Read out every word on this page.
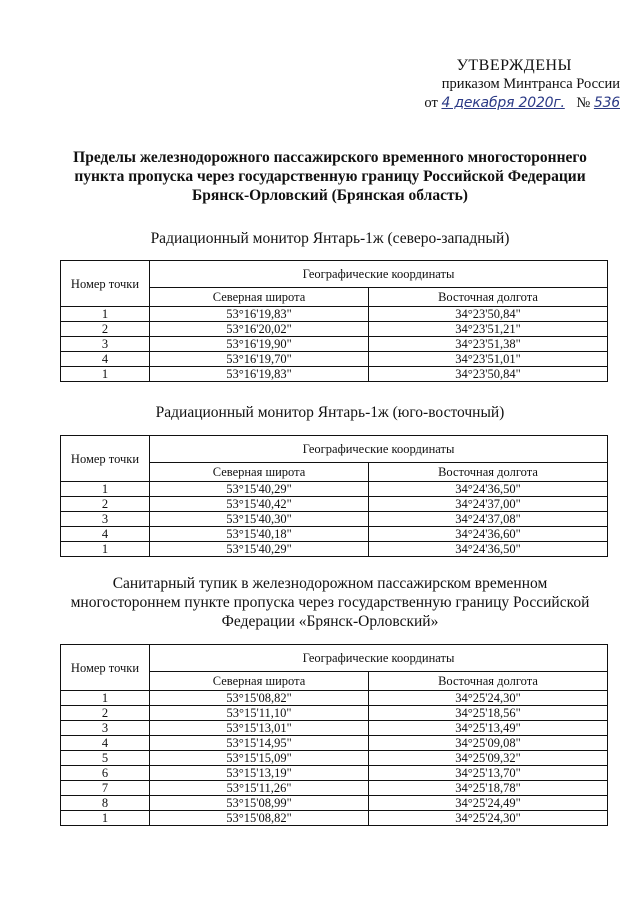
УТВЕРЖДЕНЫ
приказом Минтранса России
от 4 декабря 2020г. № 536
Пределы железнодорожного пассажирского временного многостороннего пункта пропуска через государственную границу Российской Федерации Брянск-Орловский (Брянская область)
Радиационный монитор Янтарь-1ж (северо-западный)
Номер точки	Географические координаты	
	Северная широта	Восточная долгота
1	53°16'19,83"	34°23'50,84"
2	53°16'20,02"	34°23'51,21"
3	53°16'19,90"	34°23'51,38"
4	53°16'19,70"	34°23'51,01"
1	53°16'19,83"	34°23'50,84"
Радиационный монитор Янтарь-1ж (юго-восточный)
Номер точки	Географические координаты	
	Северная широта	Восточная долгота
1	53°15'40,29"	34°24'36,50"
2	53°15'40,42"	34°24'37,00"
3	53°15'40,30"	34°24'37,08"
4	53°15'40,18"	34°24'36,60"
1	53°15'40,29"	34°24'36,50"
Санитарный тупик в железнодорожном пассажирском временном многостороннем пункте пропуска через государственную границу Российской Федерации «Брянск-Орловский»
Номер точки	Географические координаты	
	Северная широта	Восточная долгота
1	53°15'08,82"	34°25'24,30"
2	53°15'11,10"	34°25'18,56"
3	53°15'13,01"	34°25'13,49"
4	53°15'14,95"	34°25'09,08"
5	53°15'15,09"	34°25'09,32"
6	53°15'13,19"	34°25'13,70"
7	53°15'11,26"	34°25'18,78"
8	53°15'08,99"	34°25'24,49"
1	53°15'08,82"	34°25'24,30"
